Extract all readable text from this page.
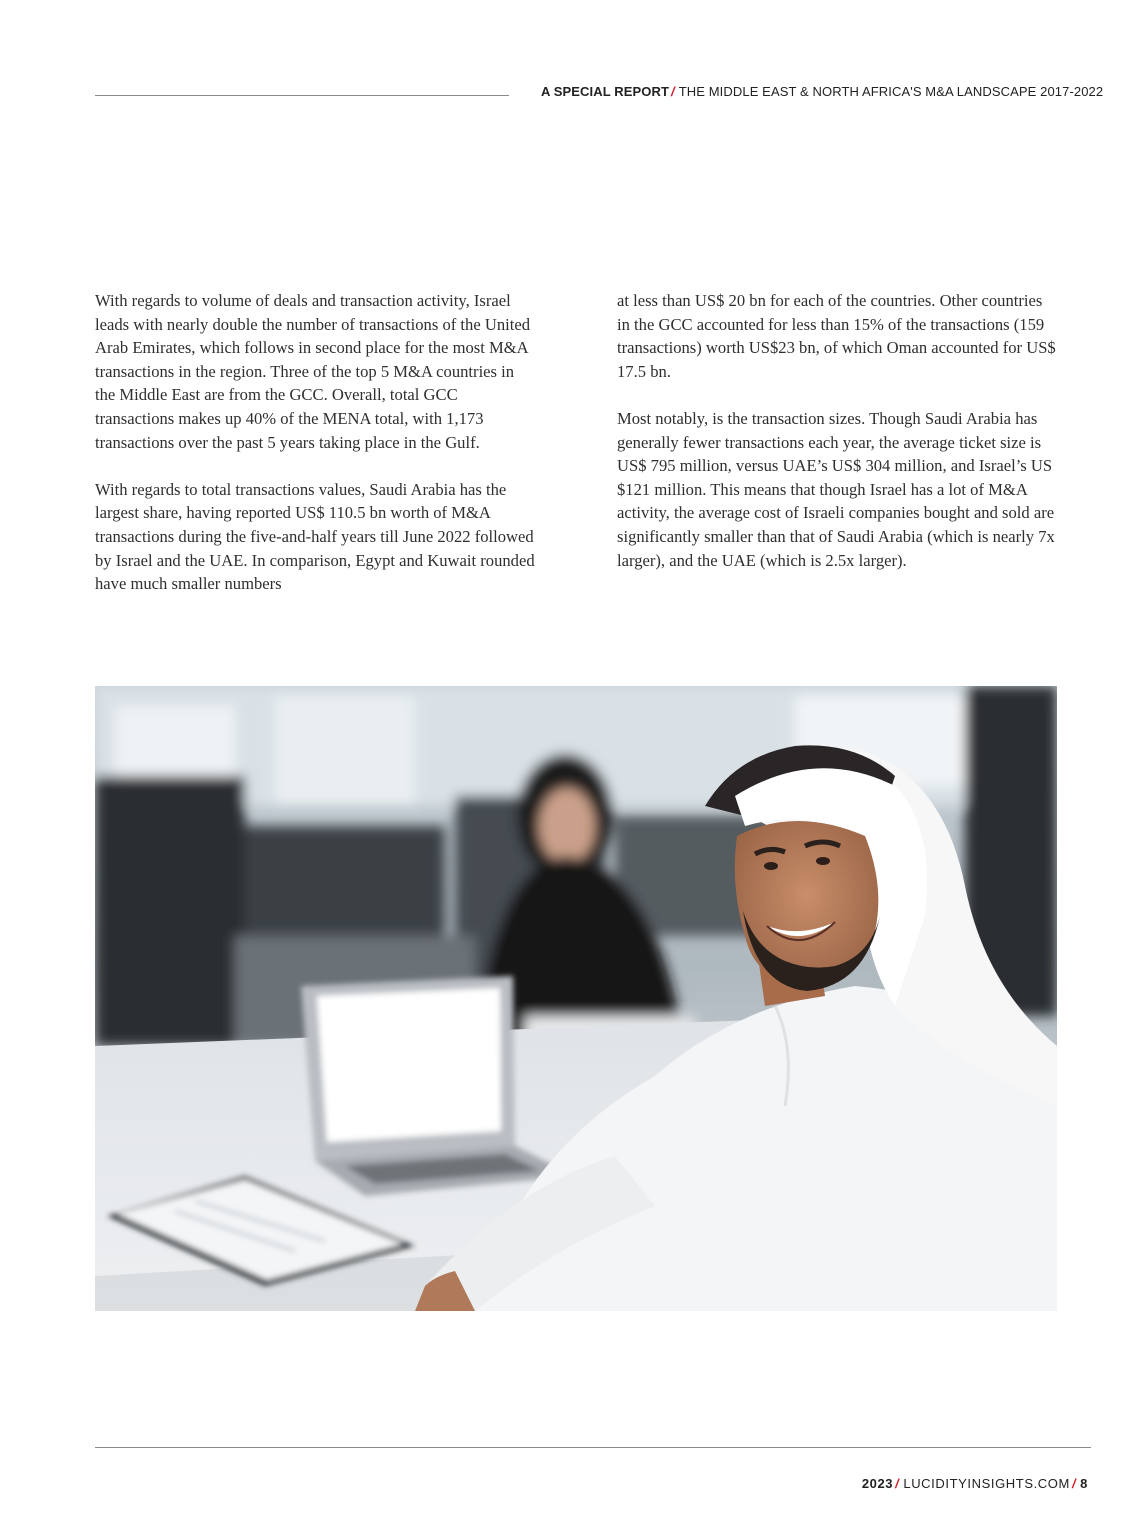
A SPECIAL REPORT / THE MIDDLE EAST & NORTH AFRICA'S M&A LANDSCAPE 2017-2022

With regards to volume of deals and transaction activity, Israel leads with nearly double the number of transactions of the United Arab Emirates, which follows in second place for the most M&A transactions in the region. Three of the top 5 M&A countries in the Middle East are from the GCC. Overall, total GCC transactions makes up 40% of the MENA total, with 1,173 transactions over the past 5 years taking place in the Gulf.

With regards to total transactions values, Saudi Arabia has the largest share, having reported US$ 110.5 bn worth of M&A transactions during the five-and-half years till June 2022 followed by Israel and the UAE. In comparison, Egypt and Kuwait rounded have much smaller numbers

at less than US$ 20 bn for each of the countries. Other countries in the GCC accounted for less than 15% of the transactions (159 transactions) worth US$23 bn, of which Oman accounted for US$ 17.5 bn.

Most notably, is the transaction sizes. Though Saudi Arabia has generally fewer transactions each year, the average ticket size is US$ 795 million, versus UAE’s US$ 304 million, and Israel’s US $121 million. This means that though Israel has a lot of M&A activity, the average cost of Israeli companies bought and sold are significantly smaller than that of Saudi Arabia (which is nearly 7x larger), and the UAE (which is 2.5x larger).

2023 / LUCIDITYINSIGHTS.COM / 8
